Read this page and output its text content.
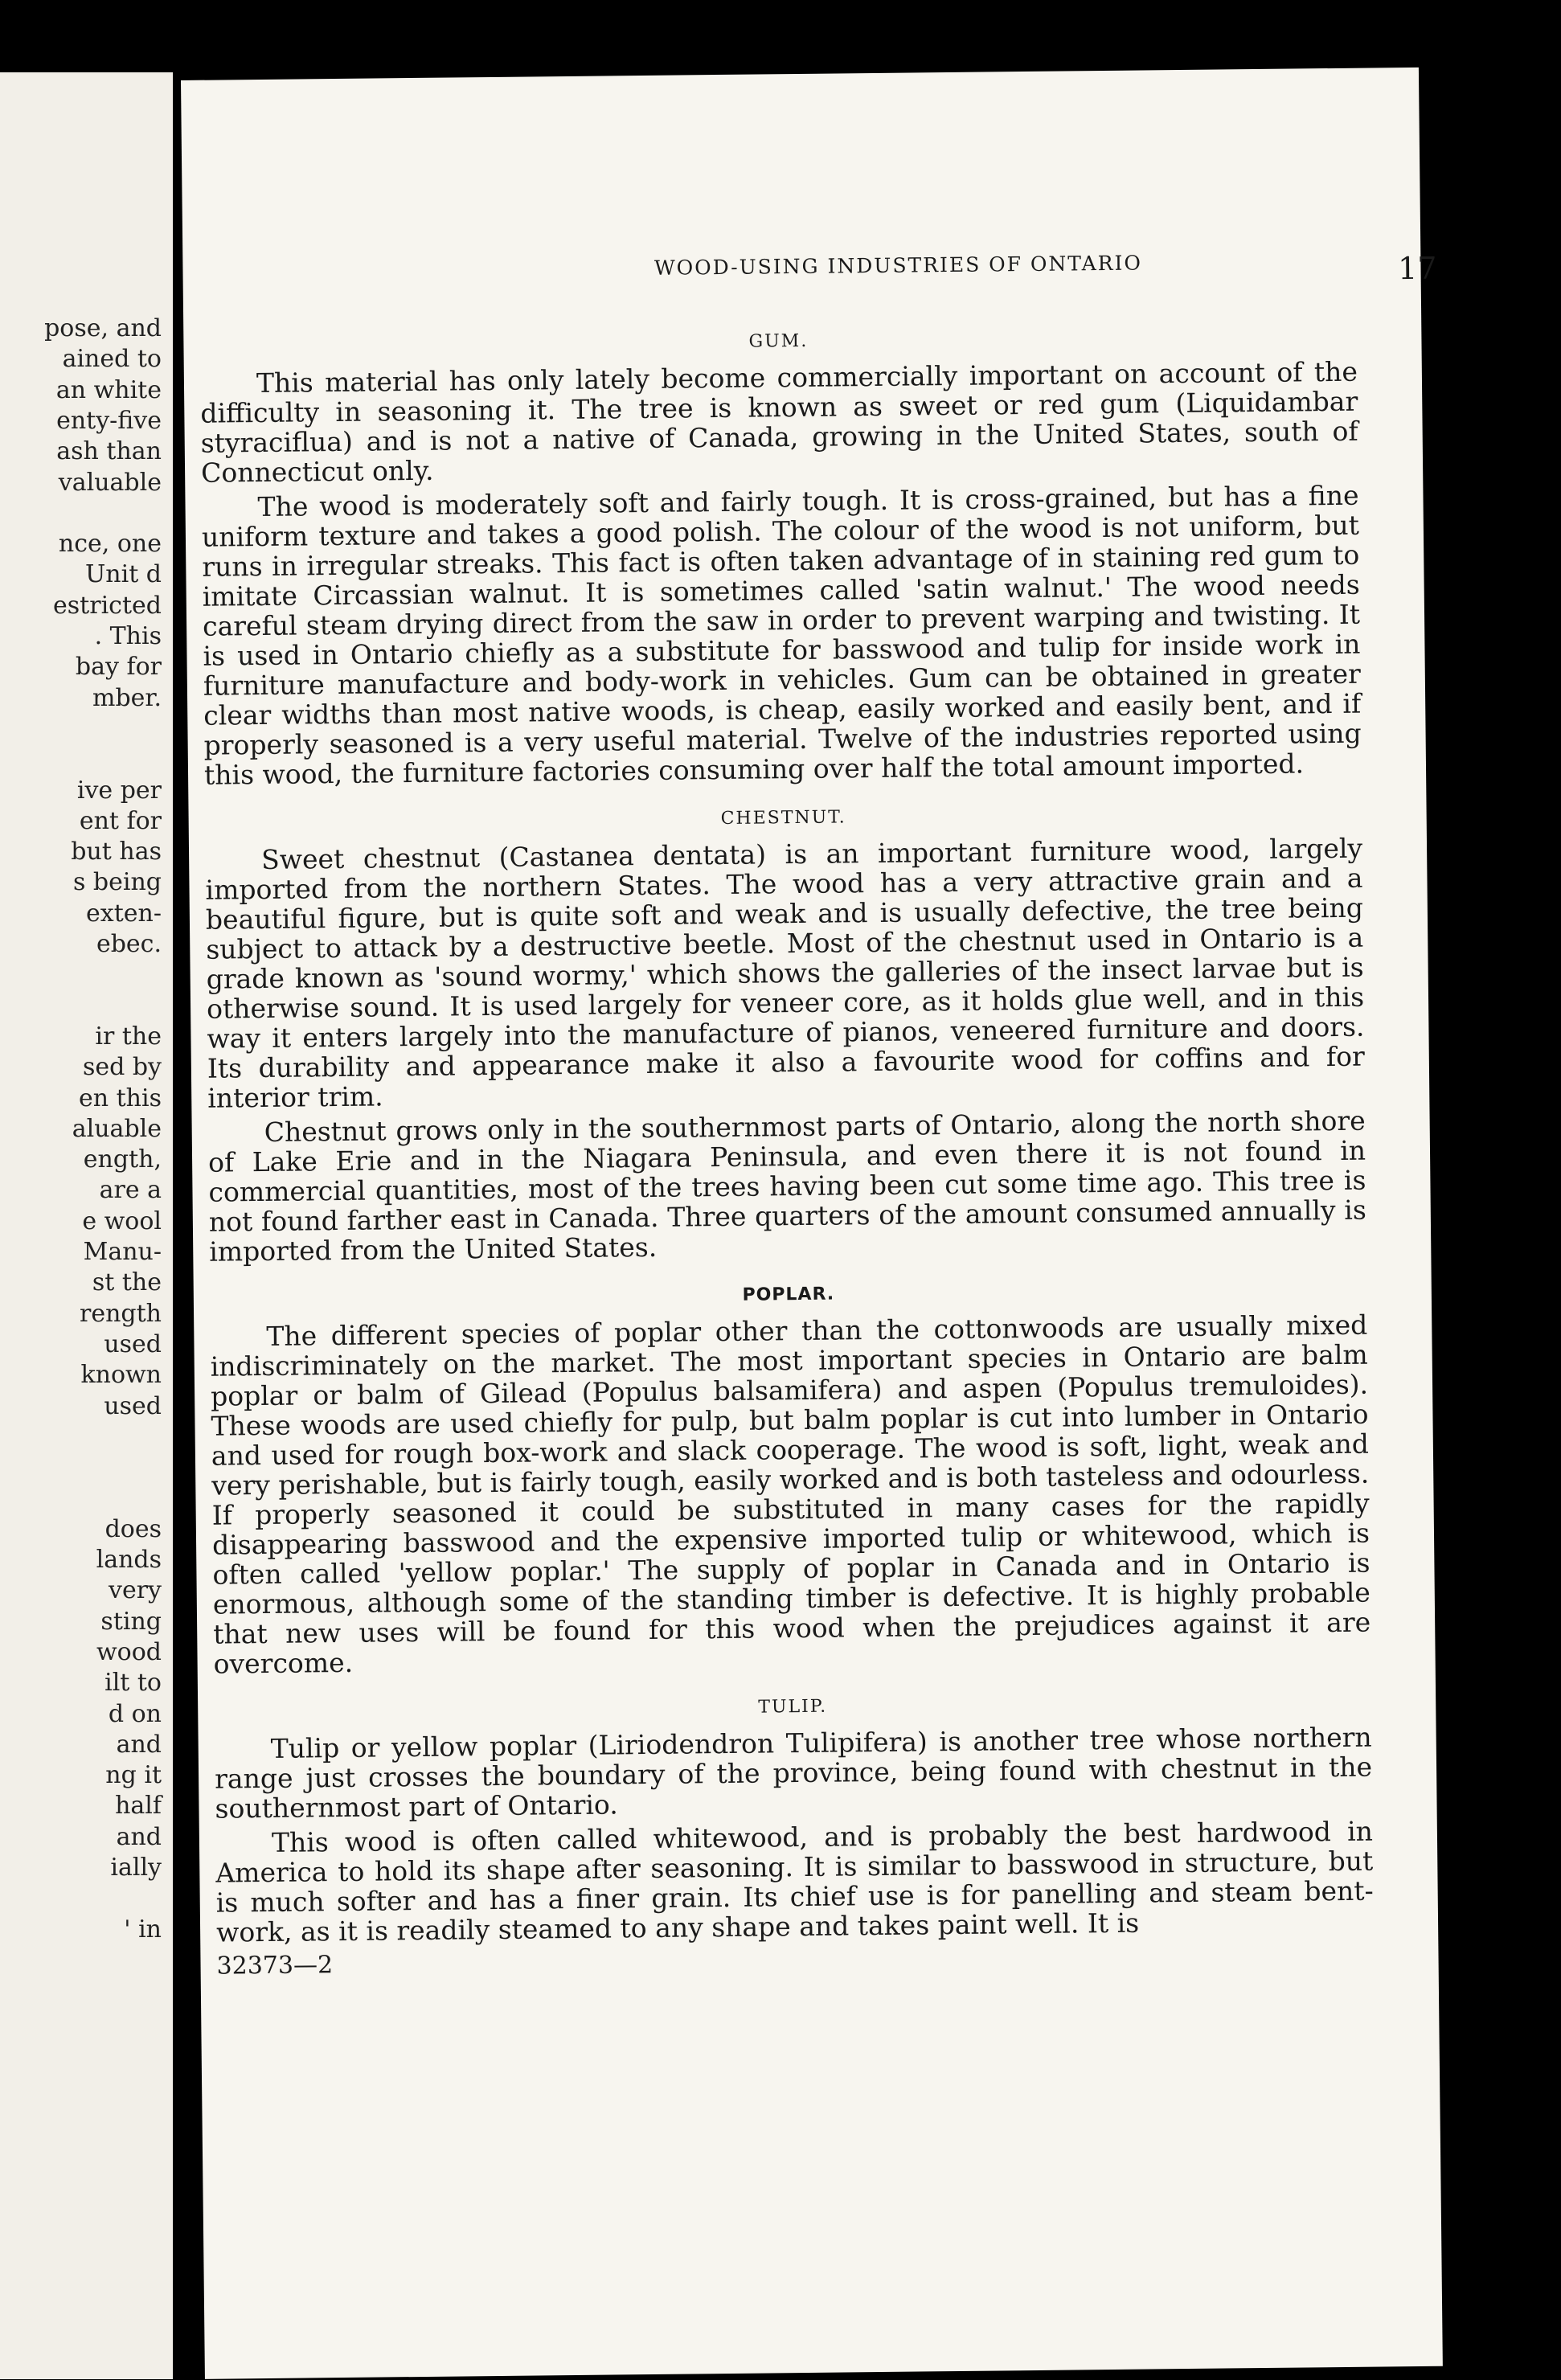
pose, and
ained to
an white
enty-five
ash than
valuable
nce, one
Unit d
estricted
. This
bay for
mber.
ive per
ent for
but has
s being
exten-
ebec.
ir the
sed by
en this
aluable
ength,
are a
e wool
Manu-
st the
rength
used
known
used
does
lands
very
sting
wood
ilt to
d on
and
ng it
half
and
ially
' in
WOOD-USING INDUSTRIES OF ONTARIO	17
GUM.

This material has only lately become commercially important on account of the difficulty in seasoning it. The tree is known as sweet or red gum (Liquidambar styraciflua) and is not a native of Canada, growing in the United States, south of Connecticut only.

The wood is moderately soft and fairly tough. It is cross-grained, but has a fine uniform texture and takes a good polish. The colour of the wood is not uniform, but runs in irregular streaks. This fact is often taken advantage of in staining red gum to imitate Circassian walnut. It is sometimes called 'satin walnut.' The wood needs careful steam drying direct from the saw in order to prevent warping and twisting. It is used in Ontario chiefly as a substitute for basswood and tulip for inside work in furniture manufacture and body-work in vehicles. Gum can be obtained in greater clear widths than most native woods, is cheap, easily worked and easily bent, and if properly seasoned is a very useful material. Twelve of the industries reported using this wood, the furniture factories consuming over half the total amount imported.

CHESTNUT.

Sweet chestnut (Castanea dentata) is an important furniture wood, largely imported from the northern States. The wood has a very attractive grain and a beautiful figure, but is quite soft and weak and is usually defective, the tree being subject to attack by a destructive beetle. Most of the chestnut used in Ontario is a grade known as 'sound wormy,' which shows the galleries of the insect larvae but is otherwise sound. It is used largely for veneer core, as it holds glue well, and in this way it enters largely into the manufacture of pianos, veneered furniture and doors. Its durability and appearance make it also a favourite wood for coffins and for interior trim.

Chestnut grows only in the southernmost parts of Ontario, along the north shore of Lake Erie and in the Niagara Peninsula, and even there it is not found in commercial quantities, most of the trees having been cut some time ago. This tree is not found farther east in Canada. Three quarters of the amount consumed annually is imported from the United States.

POPLAR.

The different species of poplar other than the cottonwoods are usually mixed indiscriminately on the market. The most important species in Ontario are balm poplar or balm of Gilead (Populus balsamifera) and aspen (Populus tremuloides). These woods are used chiefly for pulp, but balm poplar is cut into lumber in Ontario and used for rough box-work and slack cooperage. The wood is soft, light, weak and very perishable, but is fairly tough, easily worked and is both tasteless and odourless. If properly seasoned it could be substituted in many cases for the rapidly disappearing basswood and the expensive imported tulip or whitewood, which is often called 'yellow poplar.' The supply of poplar in Canada and in Ontario is enormous, although some of the standing timber is defective. It is highly probable that new uses will be found for this wood when the prejudices against it are overcome.

TULIP.

Tulip or yellow poplar (Liriodendron Tulipifera) is another tree whose northern range just crosses the boundary of the province, being found with chestnut in the southernmost part of Ontario.

This wood is often called whitewood, and is probably the best hardwood in America to hold its shape after seasoning. It is similar to basswood in structure, but is much softer and has a finer grain. Its chief use is for panelling and steam bent-work, as it is readily steamed to any shape and takes paint well. It is

32373—2
